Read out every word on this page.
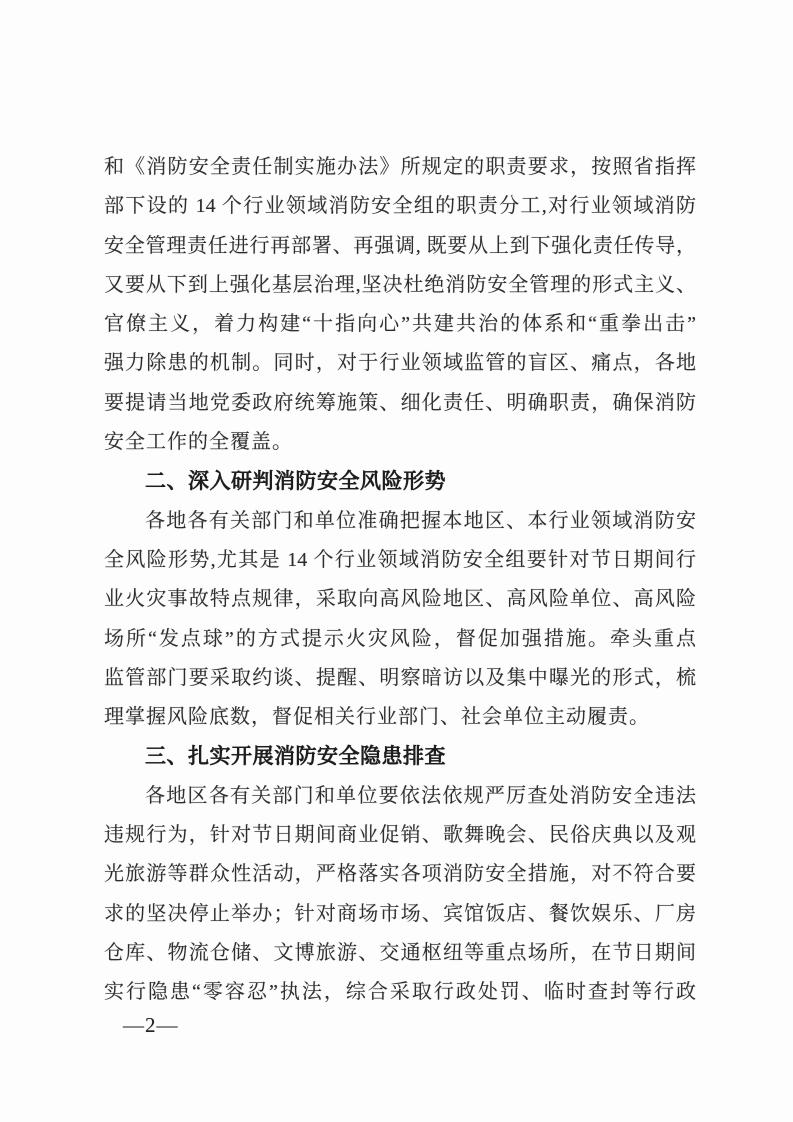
和《消防安全责任制实施办法》所规定的职责要求，按照省指挥
部下设的 14 个行业领域消防安全组的职责分工,对行业领域消防
安全管理责任进行再部署、再强调, 既要从上到下强化责任传导，
又要从下到上强化基层治理,坚决杜绝消防安全管理的形式主义、
官僚主义，着力构建“十指向心”共建共治的体系和“重拳出击”
强力除患的机制。同时，对于行业领域监管的盲区、痛点，各地
要提请当地党委政府统筹施策、细化责任、明确职责，确保消防
安全工作的全覆盖。
二、深入研判消防安全风险形势
各地各有关部门和单位准确把握本地区、本行业领域消防安
全风险形势,尤其是 14 个行业领域消防安全组要针对节日期间行
业火灾事故特点规律，采取向高风险地区、高风险单位、高风险
场所“发点球”的方式提示火灾风险，督促加强措施。牵头重点
监管部门要采取约谈、提醒、明察暗访以及集中曝光的形式，梳
理掌握风险底数，督促相关行业部门、社会单位主动履责。
三、扎实开展消防安全隐患排查
各地区各有关部门和单位要依法依规严厉查处消防安全违法
违规行为，针对节日期间商业促销、歌舞晚会、民俗庆典以及观
光旅游等群众性活动，严格落实各项消防安全措施，对不符合要
求的坚决停止举办；针对商场市场、宾馆饭店、餐饮娱乐、厂房
仓库、物流仓储、文博旅游、交通枢纽等重点场所，在节日期间
实行隐患“零容忍”执法，综合采取行政处罚、临时查封等行政
—2—
